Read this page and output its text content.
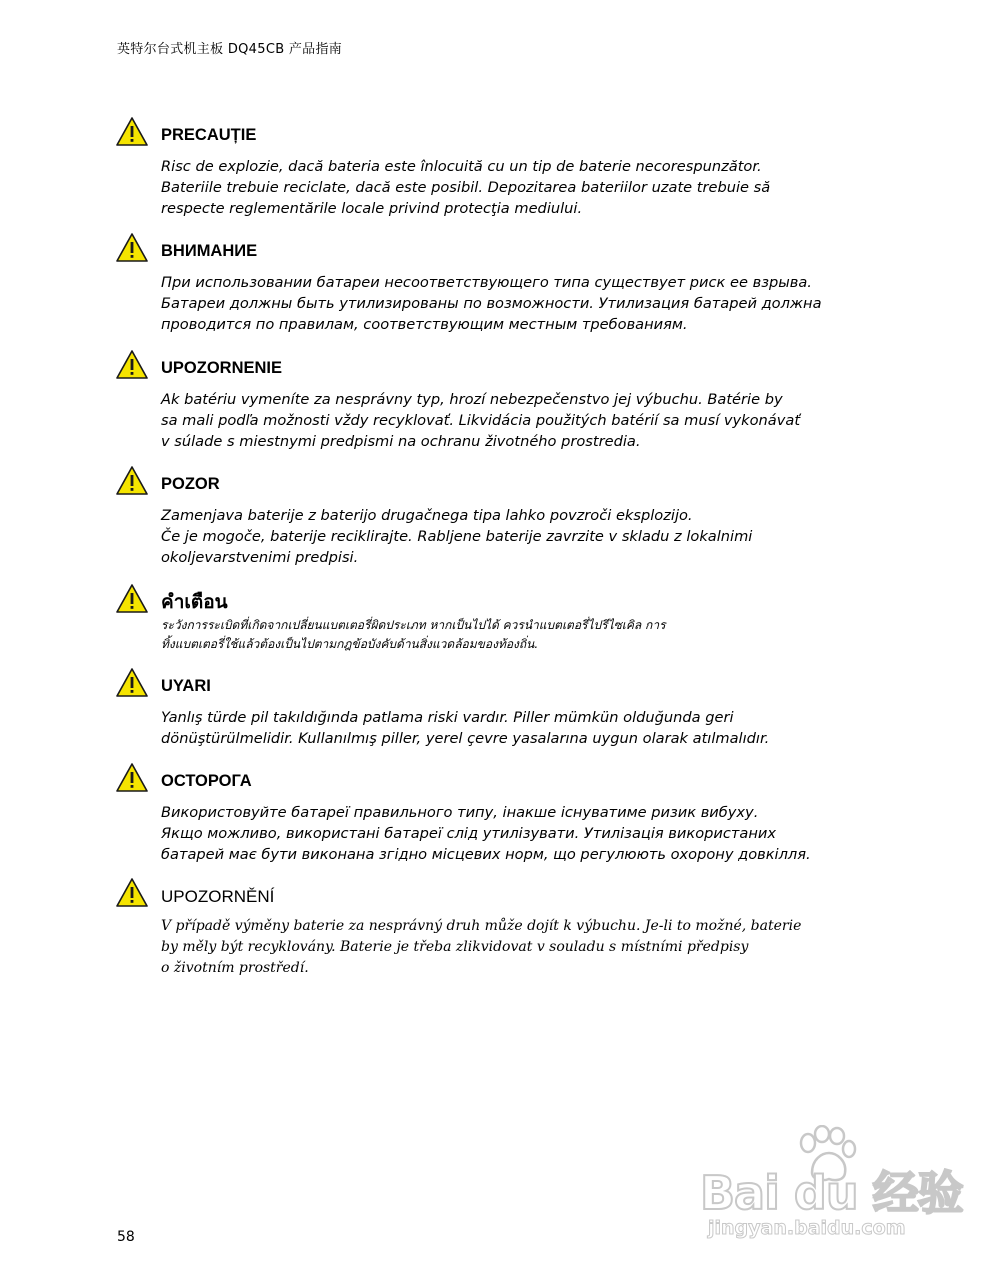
英特尔台式机主板 DQ45CB 产品指南
PRECAUȚIE
Risc de explozie, dacă bateria este înlocuită cu un tip de baterie necorespunzător.
Bateriile trebuie reciclate, dacă este posibil. Depozitarea bateriilor uzate trebuie să
respecte reglementările locale privind protecţia mediului.
ВНИМАНИЕ
При использовании батареи несоответствующего типа существует риск ее взрыва.
Батареи должны быть утилизированы по возможности. Утилизация батарей должна
проводится по правилам, соответствующим местным требованиям.
UPOZORNENIE
Ak batériu vymeníte za nesprávny typ, hrozí nebezpečenstvo jej výbuchu. Batérie by
sa mali podľa možnosti vždy recyklovať. Likvidácia použitých batérií sa musí vykonávať
v súlade s miestnymi predpismi na ochranu životného prostredia.
POZOR
Zamenjava baterije z baterijo drugačnega tipa lahko povzroči eksplozijo.
Če je mogoče, baterije reciklirajte. Rabljene baterije zavrzite v skladu z lokalnimi
okoljevarstvenimi predpisi.
คำเตือน
ระวังการระเบิดที่เกิดจากเปลี่ยนแบตเตอรี่ผิดประเภท หากเป็นไปได้ ควรนำแบตเตอรี่ไปรีไซเคิล การ
ทิ้งแบตเตอรี่ใช้แล้วต้องเป็นไปตามกฎข้อบังคับด้านสิ่งแวดล้อมของท้องถิ่น.
UYARI
Yanlış türde pil takıldığında patlama riski vardır. Piller mümkün olduğunda geri
dönüştürülmelidir. Kullanılmış piller, yerel çevre yasalarına uygun olarak atılmalıdır.
ОСТОРОГА
Використовуйте батареї правильного типу, інакше існуватиме ризик вибуху.
Якщо можливо, використані батареї слід утилізувати. Утилізація використаних
батарей має бути виконана згідно місцевих норм, що регулюють охорону довкілля.
UPOZORNĚNÍ
V případě výměny baterie za nesprávný druh může dojít k výbuchu. Je-li to možné, baterie
by měly být recyklovány. Baterie je třeba zlikvidovat v souladu s místními předpisy
o životním prostředí.
58
Bai du 经验
jingyan.baidu.com
